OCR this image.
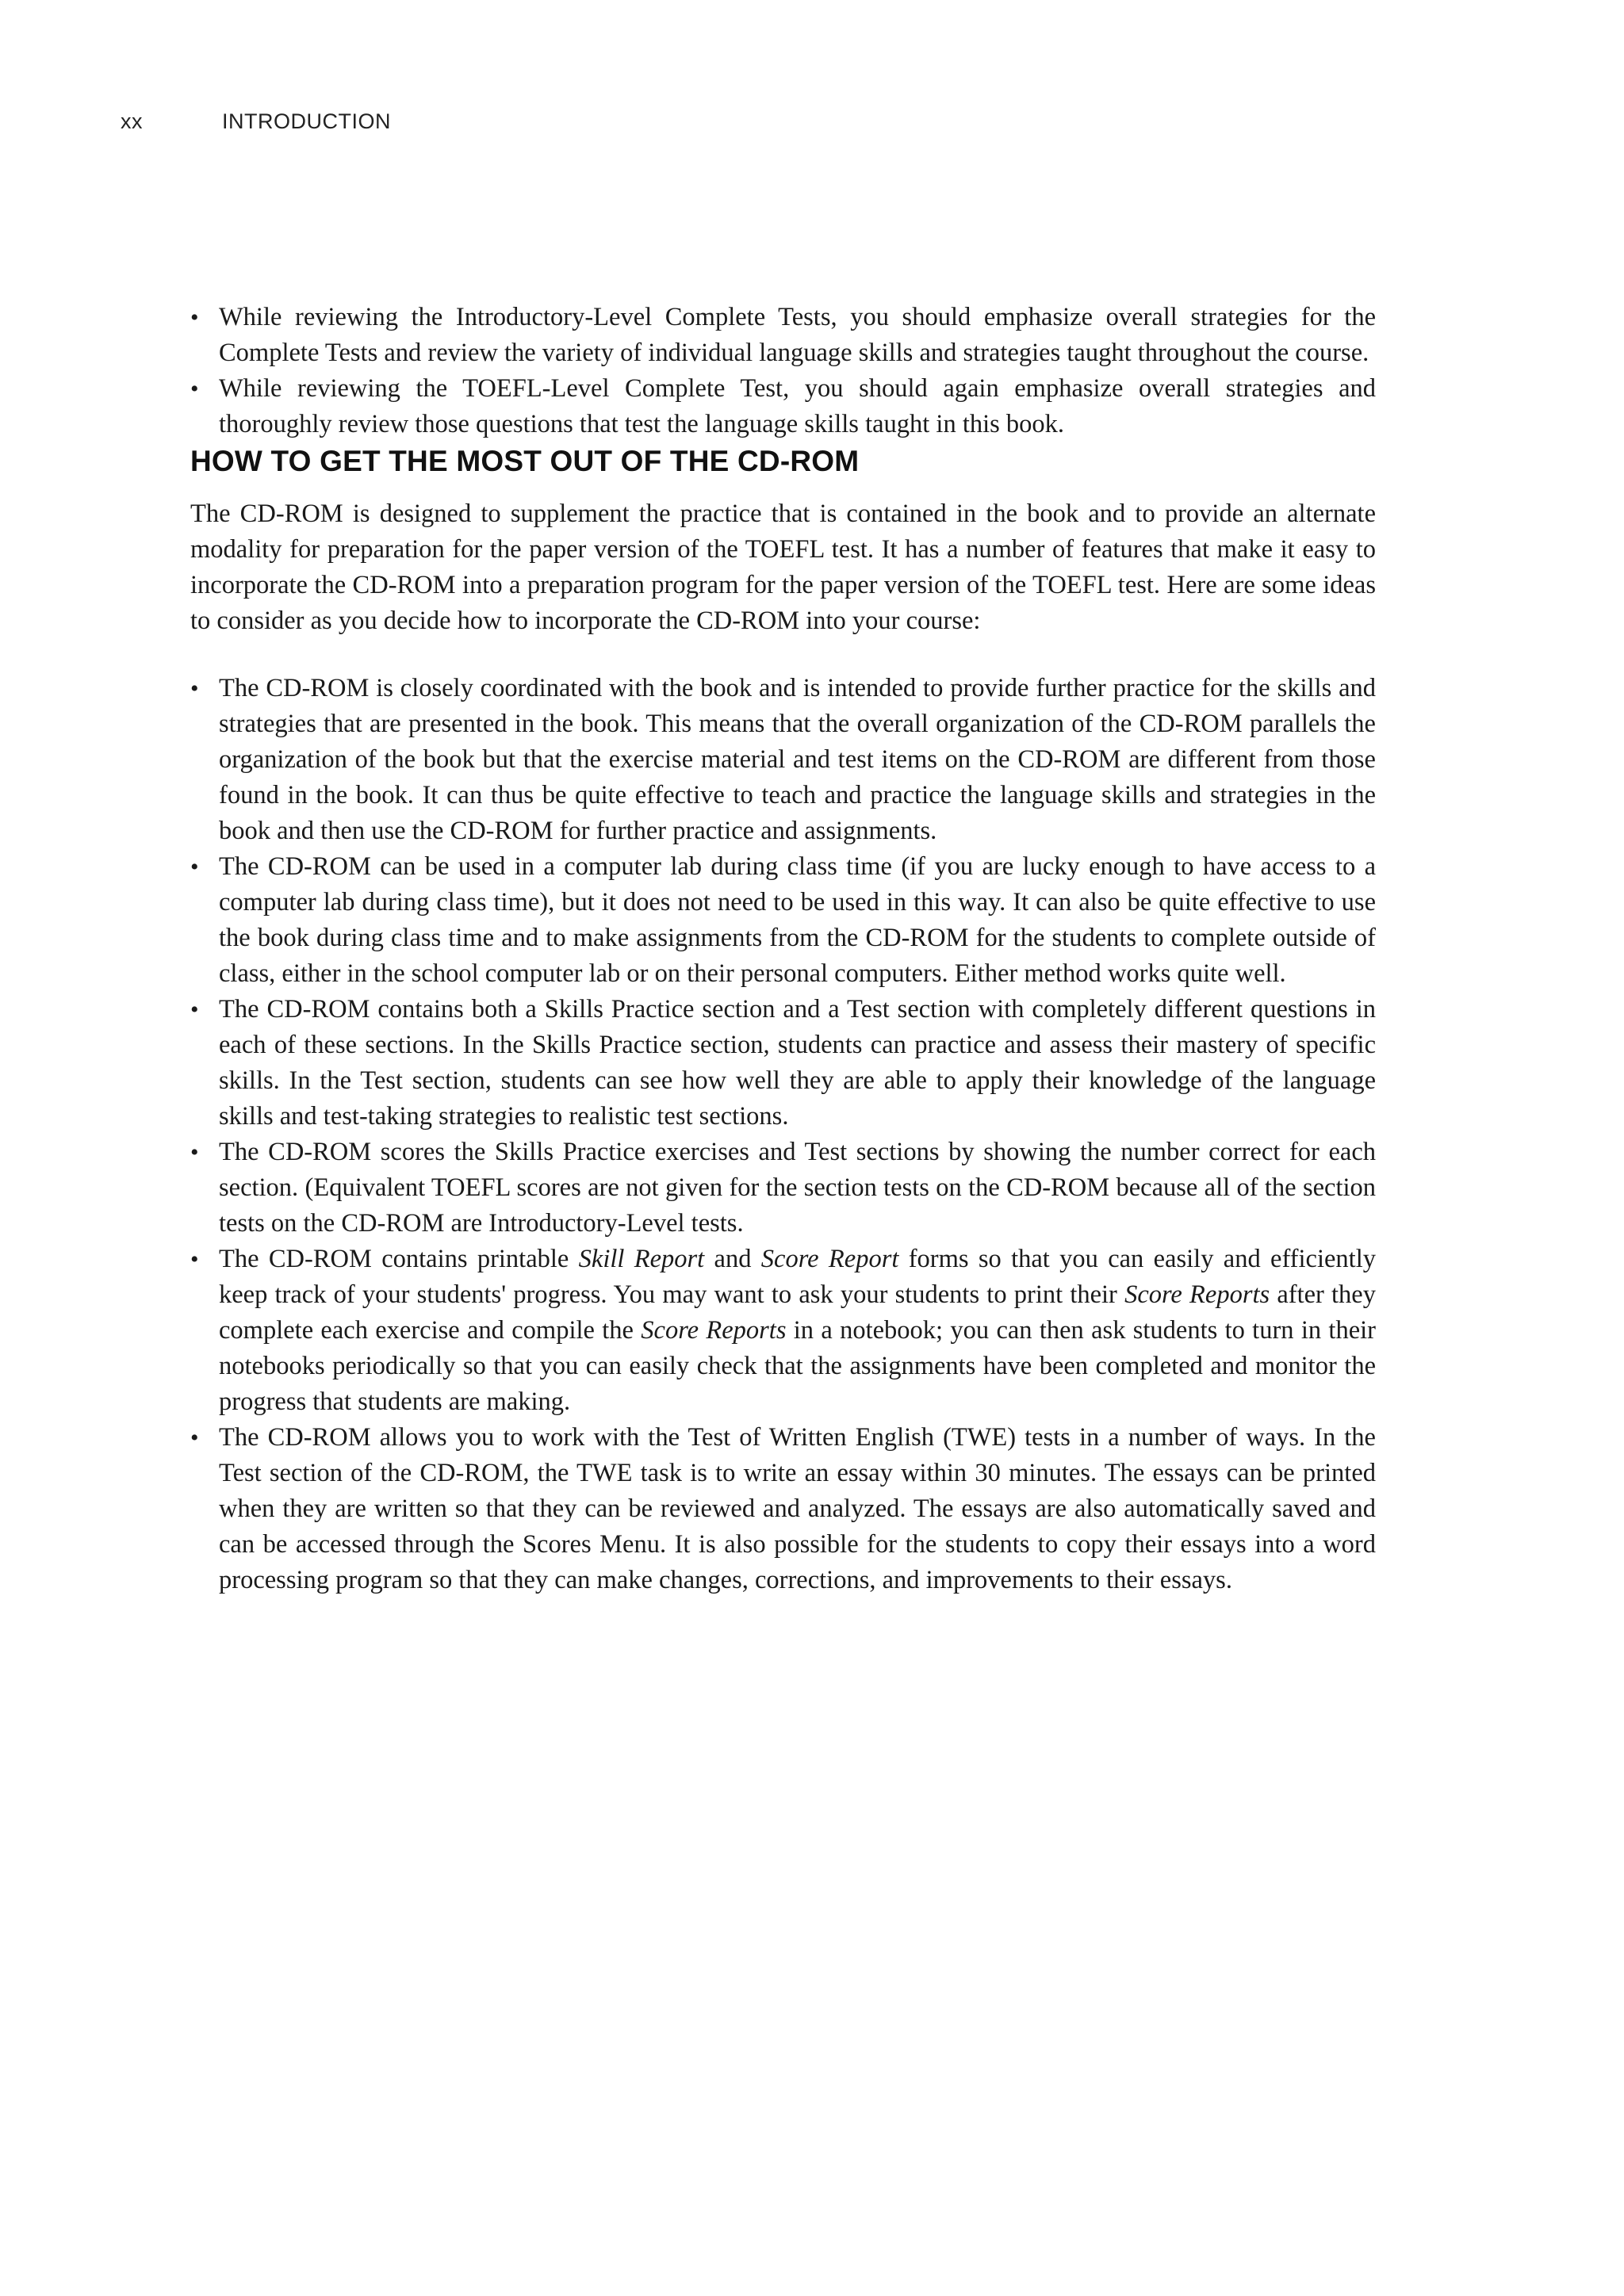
xx	INTRODUCTION
• While reviewing the Introductory-Level Complete Tests, you should emphasize overall strategies for the Complete Tests and review the variety of individual language skills and strategies taught throughout the course.
• While reviewing the TOEFL-Level Complete Test, you should again emphasize overall strategies and thoroughly review those questions that test the language skills taught in this book.
HOW TO GET THE MOST OUT OF THE CD-ROM

The CD-ROM is designed to supplement the practice that is contained in the book and to provide an alternate modality for preparation for the paper version of the TOEFL test. It has a number of features that make it easy to incorporate the CD-ROM into a preparation program for the paper version of the TOEFL test. Here are some ideas to consider as you decide how to incorporate the CD-ROM into your course:

• The CD-ROM is closely coordinated with the book and is intended to provide further practice for the skills and strategies that are presented in the book. This means that the overall organization of the CD-ROM parallels the organization of the book but that the exercise material and test items on the CD-ROM are different from those found in the book. It can thus be quite effective to teach and practice the language skills and strategies in the book and then use the CD-ROM for further practice and assignments.
• The CD-ROM can be used in a computer lab during class time (if you are lucky enough to have access to a computer lab during class time), but it does not need to be used in this way. It can also be quite effective to use the book during class time and to make assignments from the CD-ROM for the students to complete outside of class, either in the school computer lab or on their personal computers. Either method works quite well.
• The CD-ROM contains both a Skills Practice section and a Test section with completely different questions in each of these sections. In the Skills Practice section, students can practice and assess their mastery of specific skills. In the Test section, students can see how well they are able to apply their knowledge of the language skills and test-taking strategies to realistic test sections.
• The CD-ROM scores the Skills Practice exercises and Test sections by showing the number correct for each section. (Equivalent TOEFL scores are not given for the section tests on the CD-ROM because all of the section tests on the CD-ROM are Introductory-Level tests.
• The CD-ROM contains printable Skill Report and Score Report forms so that you can easily and efficiently keep track of your students' progress. You may want to ask your students to print their Score Reports after they complete each exercise and compile the Score Reports in a notebook; you can then ask students to turn in their notebooks periodically so that you can easily check that the assignments have been completed and monitor the progress that students are making.
• The CD-ROM allows you to work with the Test of Written English (TWE) tests in a number of ways. In the Test section of the CD-ROM, the TWE task is to write an essay within 30 minutes. The essays can be printed when they are written so that they can be reviewed and analyzed. The essays are also automatically saved and can be accessed through the Scores Menu. It is also possible for the students to copy their essays into a word processing program so that they can make changes, corrections, and improvements to their essays.
